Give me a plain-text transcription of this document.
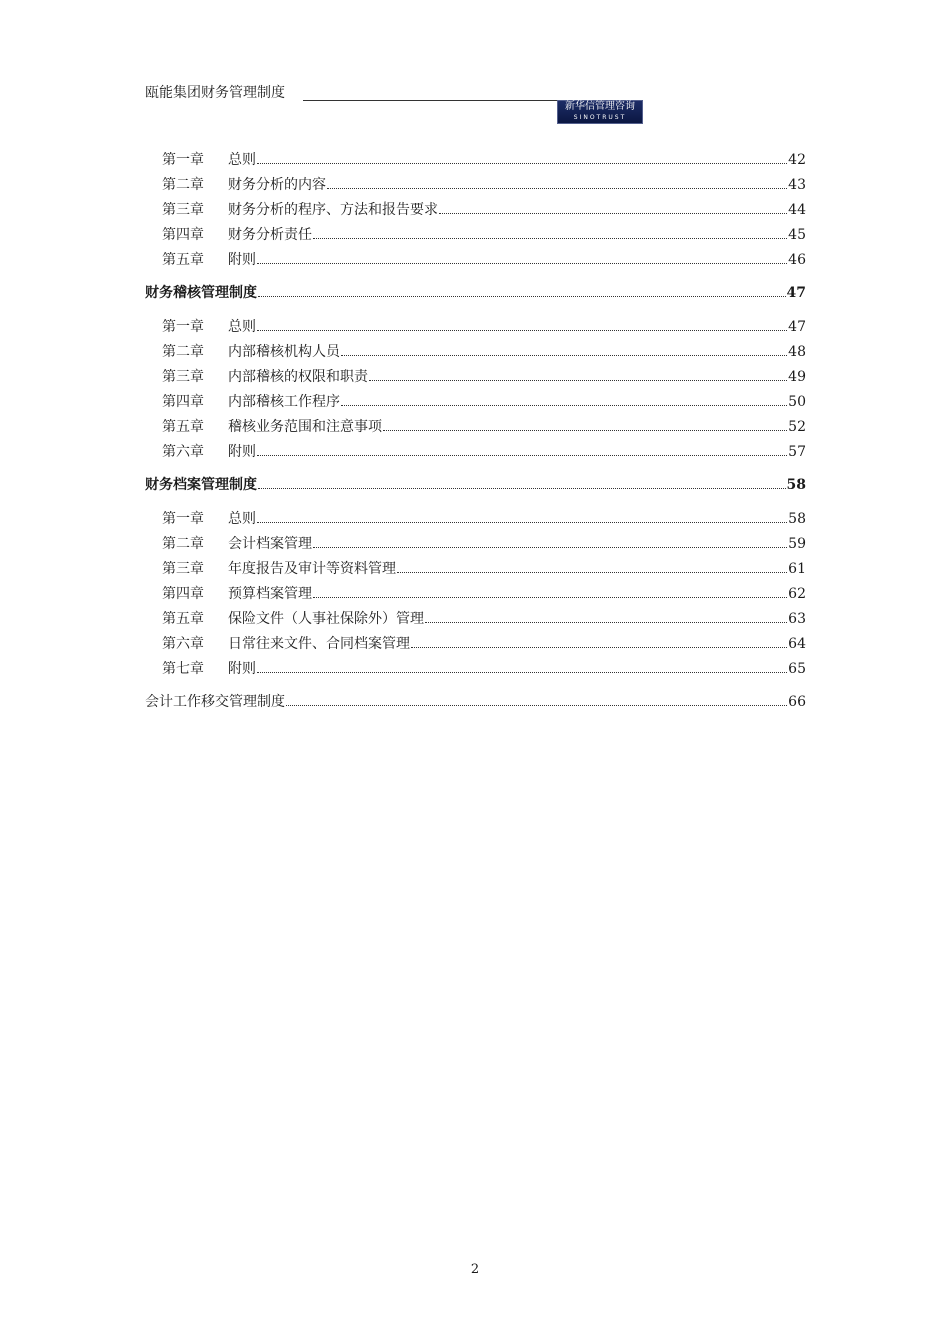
瓯能集团财务管理制度
新华信管理咨询
SINOTRUST
第一章	总则	42
第二章	财务分析的内容	43
第三章	财务分析的程序、方法和报告要求	44
第四章	财务分析责任	45
第五章	附则	46
财务稽核管理制度	47
第一章	总则	47
第二章	内部稽核机构人员	48
第三章	内部稽核的权限和职责	49
第四章	内部稽核工作程序	50
第五章	稽核业务范围和注意事项	52
第六章	附则	57
财务档案管理制度	58
第一章	总则	58
第二章	会计档案管理	59
第三章	年度报告及审计等资料管理	61
第四章	预算档案管理	62
第五章	保险文件（人事社保除外）管理	63
第六章	日常往来文件、合同档案管理	64
第七章	附则	65
会计工作移交管理制度	66
2
